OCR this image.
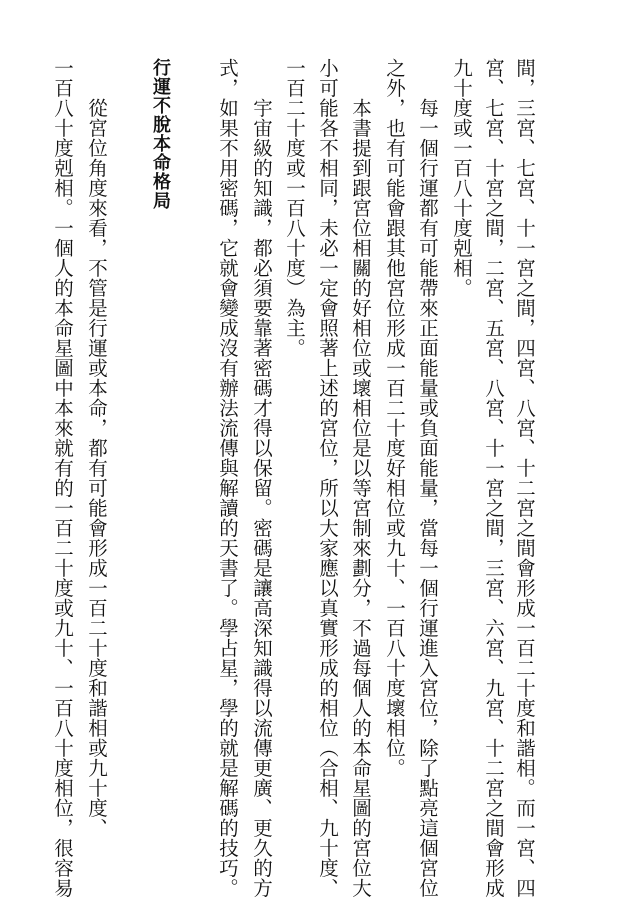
間，三宮、七宮、十一宮之間，四宮、八宮、十二宮之間會形成一百二十度和諧相。而一宮、四
宮、七宮、十宮之間，二宮、五宮、八宮、十一宮之間，三宮、六宮、九宮、十二宮之間會形成
九十度或一百八十度剋相。
　　每一個行運都有可能帶來正面能量或負面能量，當每一個行運進入宮位，除了點亮這個宮位
之外，也有可能會跟其他宮位形成一百二十度好相位或九十、一百八十度壞相位。
　　本書提到跟宮位相關的好相位或壞相位是以等宮制來劃分，不過每個人的本命星圖的宮位大
小可能各不相同，未必一定會照著上述的宮位，所以大家應以真實形成的相位（合相、九十度、
一百二十度或一百八十度）為主。
　　宇宙級的知識，都必須要靠著密碼才得以保留。密碼是讓高深知識得以流傳更廣、更久的方
式，如果不用密碼，它就會變成沒有辦法流傳與解讀的天書了。學占星，學的就是解碼的技巧。
行運不脫本命格局
　　從宮位角度來看，不管是行運或本命，都有可能會形成一百二十度和諧相或九十度、
一百八十度剋相。一個人的本命星圖中本來就有的一百二十度或九十、一百八十度相位，很容易
